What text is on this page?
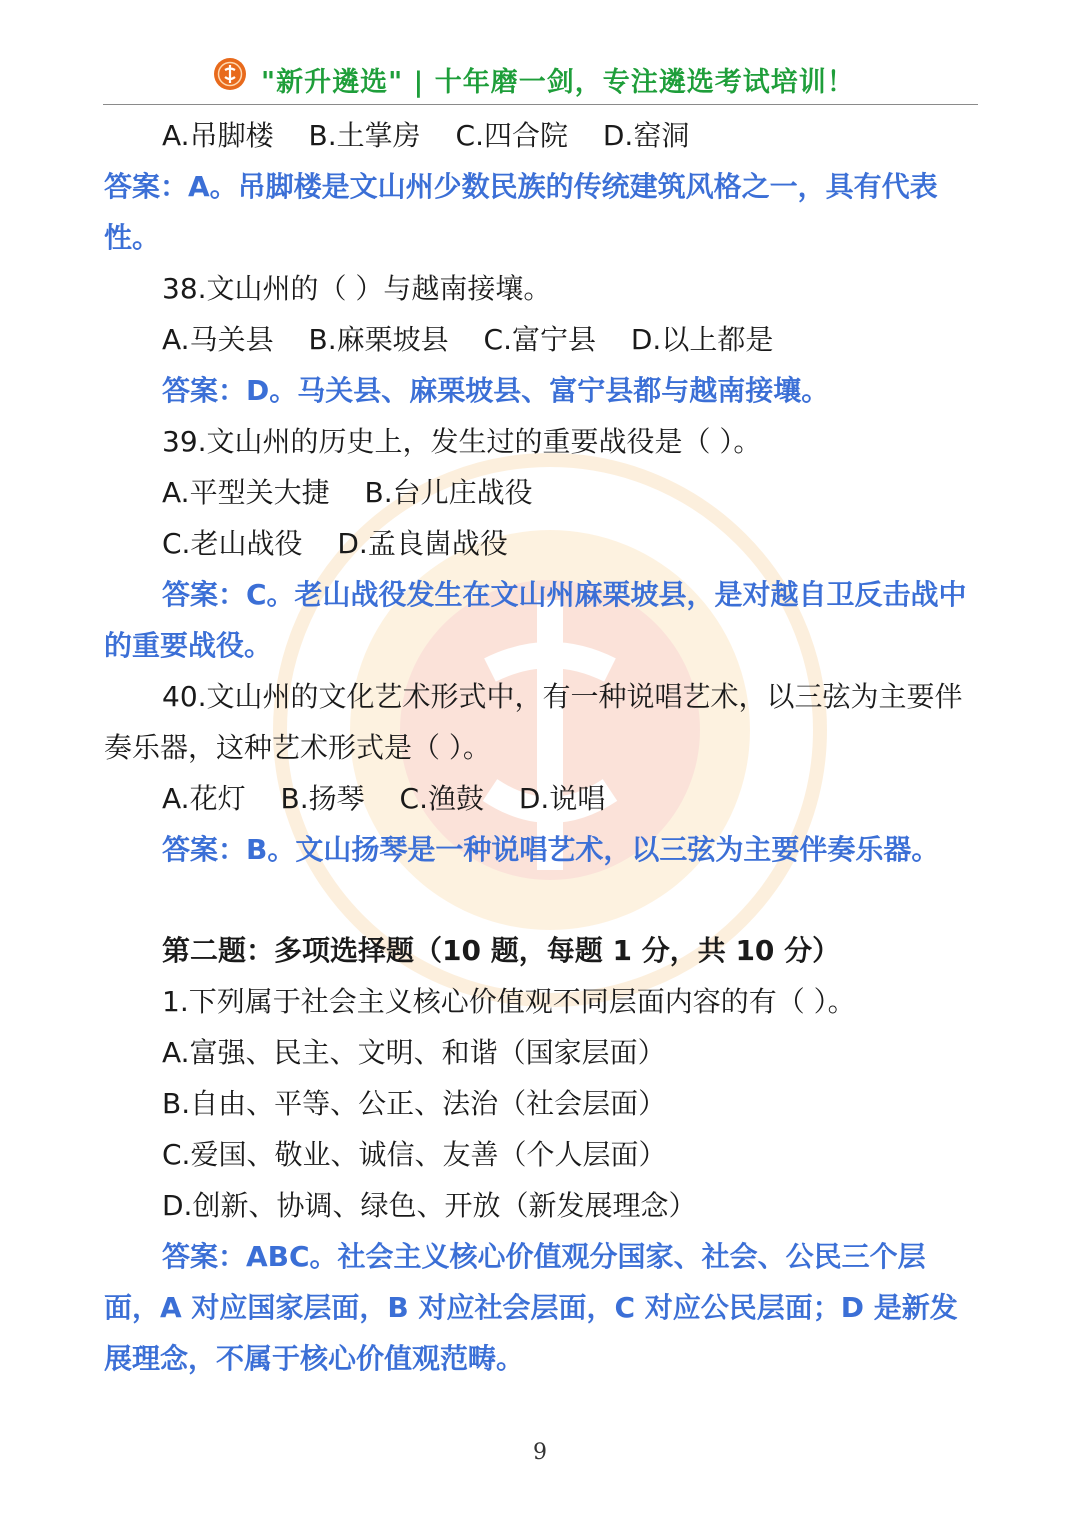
"新升遴选" | 十年磨一剑，专注遴选考试培训！
A.吊脚楼 B.土掌房 C.四合院 D.窑洞
答案：A。吊脚楼是文山州少数民族的传统建筑风格之一，具有代表性。
38.文山州的（ ）与越南接壤。
A.马关县 B.麻栗坡县 C.富宁县 D.以上都是
答案：D。马关县、麻栗坡县、富宁县都与越南接壤。
39.文山州的历史上，发生过的重要战役是（ ）。
A.平型关大捷 B.台儿庄战役
C.老山战役 D.孟良崮战役
答案：C。老山战役发生在文山州麻栗坡县，是对越自卫反击战中的重要战役。
40.文山州的文化艺术形式中，有一种说唱艺术，以三弦为主要伴奏乐器，这种艺术形式是（ ）。
A.花灯 B.扬琴 C.渔鼓 D.说唱
答案：B。文山扬琴是一种说唱艺术，以三弦为主要伴奏乐器。
第二题：多项选择题（10 题，每题 1 分，共 10 分）
1.下列属于社会主义核心价值观不同层面内容的有（ ）。
A.富强、民主、文明、和谐（国家层面）
B.自由、平等、公正、法治（社会层面）
C.爱国、敬业、诚信、友善（个人层面）
D.创新、协调、绿色、开放（新发展理念）
答案：ABC。社会主义核心价值观分国家、社会、公民三个层面，A 对应国家层面，B 对应社会层面，C 对应公民层面；D 是新发展理念，不属于核心价值观范畴。
9
